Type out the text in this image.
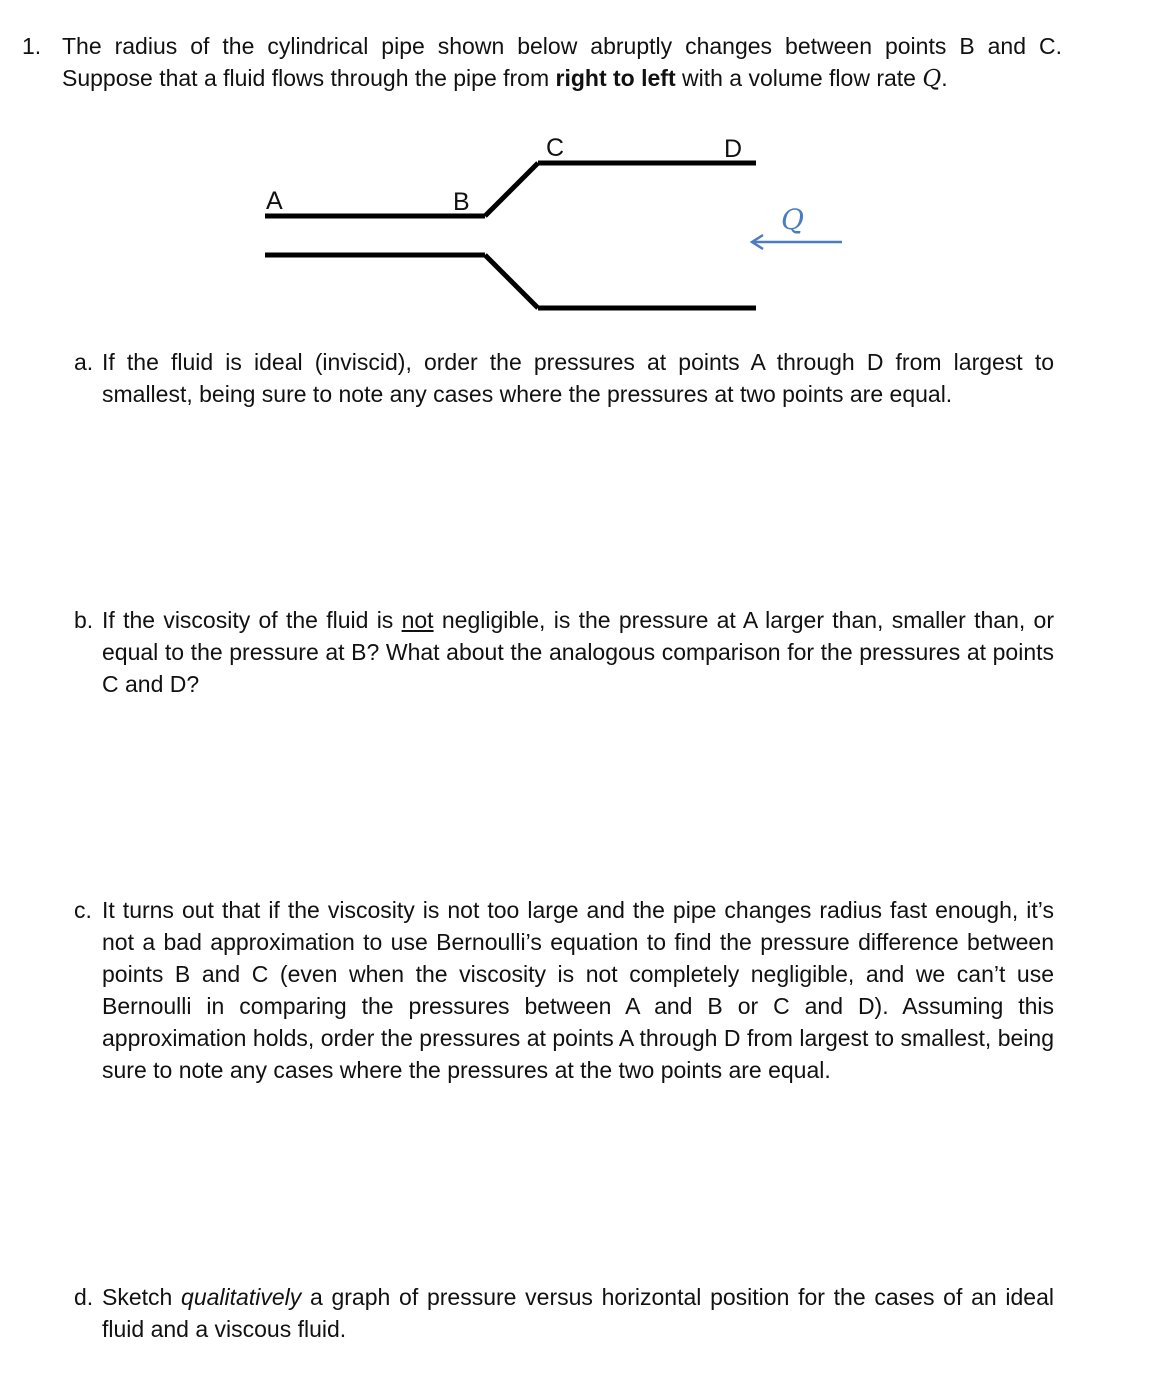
1. The radius of the cylindrical pipe shown below abruptly changes between points B and C. Suppose that a fluid flows through the pipe from right to left with a volume flow rate Q.
A	B
C	D
Q
a. If the fluid is ideal (inviscid), order the pressures at points A through D from largest to smallest, being sure to note any cases where the pressures at two points are equal.
b. If the viscosity of the fluid is not negligible, is the pressure at A larger than, smaller than, or equal to the pressure at B? What about the analogous comparison for the pressures at points C and D?
c. It turns out that if the viscosity is not too large and the pipe changes radius fast enough, it’s not a bad approximation to use Bernoulli’s equation to find the pressure difference between points B and C (even when the viscosity is not completely negligible, and we can’t use Bernoulli in comparing the pressures between A and B or C and D). Assuming this approximation holds, order the pressures at points A through D from largest to smallest, being sure to note any cases where the pressures at the two points are equal.
d. Sketch qualitatively a graph of pressure versus horizontal position for the cases of an ideal fluid and a viscous fluid.
